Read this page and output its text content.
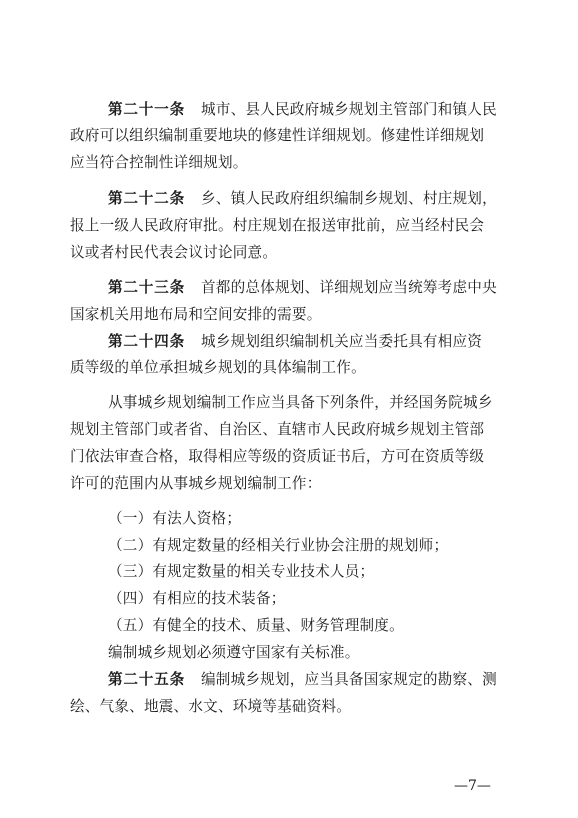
第二十一条 城市、县人民政府城乡规划主管部门和镇人民
政府可以组织编制重要地块的修建性详细规划。修建性详细规划
应当符合控制性详细规划。
第二十二条 乡、镇人民政府组织编制乡规划、村庄规划，
报上一级人民政府审批。村庄规划在报送审批前，应当经村民会
议或者村民代表会议讨论同意。
第二十三条 首都的总体规划、详细规划应当统筹考虑中央
国家机关用地布局和空间安排的需要。
第二十四条 城乡规划组织编制机关应当委托具有相应资
质等级的单位承担城乡规划的具体编制工作。
从事城乡规划编制工作应当具备下列条件，并经国务院城乡
规划主管部门或者省、自治区、直辖市人民政府城乡规划主管部
门依法审查合格，取得相应等级的资质证书后，方可在资质等级
许可的范围内从事城乡规划编制工作：
（一）有法人资格；
（二）有规定数量的经相关行业协会注册的规划师；
（三）有规定数量的相关专业技术人员；
（四）有相应的技术装备；
（五）有健全的技术、质量、财务管理制度。
编制城乡规划必须遵守国家有关标准。
第二十五条 编制城乡规划，应当具备国家规定的勘察、测
绘、气象、地震、水文、环境等基础资料。
—7—
